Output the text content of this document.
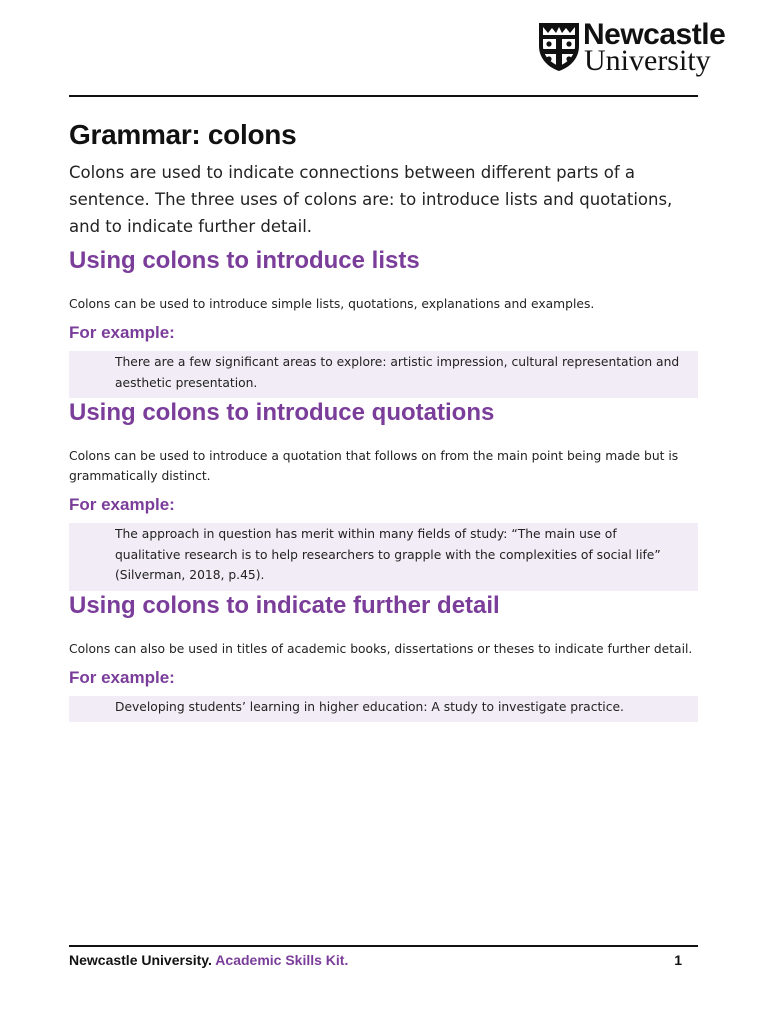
Newcastle
University
Grammar: colons

Colons are used to indicate connections between different parts of a sentence. The three uses of colons are: to introduce lists and quotations, and to indicate further detail.

Using colons to introduce lists

Colons can be used to introduce simple lists, quotations, explanations and examples.

For example:
There are a few significant areas to explore: artistic impression, cultural representation and aesthetic presentation.
Using colons to introduce quotations

Colons can be used to introduce a quotation that follows on from the main point being made but is grammatically distinct.

For example:
The approach in question has merit within many fields of study: “The main use of qualitative research is to help researchers to grapple with the complexities of social life” (Silverman, 2018, p.45).
Using colons to indicate further detail

Colons can also be used in titles of academic books, dissertations or theses to indicate further detail.

For example:
Developing students’ learning in higher education: A study to investigate practice.
Newcastle University. Academic Skills Kit.	1
